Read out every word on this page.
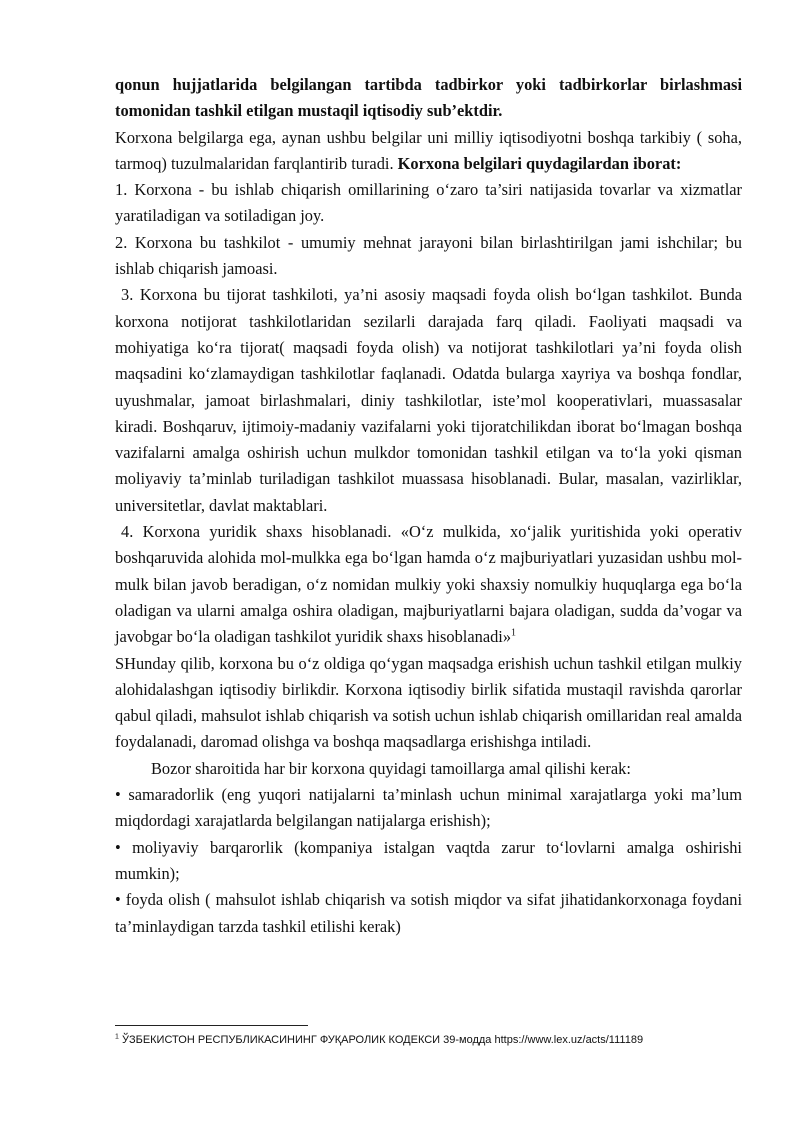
qonun hujjatlarida belgilangan tartibda tadbirkor yoki tadbirkorlar birlashmasi tomonidan tashkil etilgan mustaqil iqtisodiy sub’ektdir.

Korxona belgilarga ega, aynan ushbu belgilar uni milliy iqtisodiyotni boshqa tarkibiy ( soha, tarmoq) tuzulmalaridan farqlantirib turadi. Korxona belgilari quydagilardan iborat:

1. Korxona - bu ishlab chiqarish omillarining o‘zaro ta’siri natijasida tovarlar va xizmatlar yaratiladigan va sotiladigan joy.

2. Korxona bu tashkilot - umumiy mehnat jarayoni bilan birlashtirilgan jami ishchilar; bu ishlab chiqarish jamoasi.

3. Korxona bu tijorat tashkiloti, ya’ni asosiy maqsadi foyda olish bo‘lgan tashkilot. Bunda korxona notijorat tashkilotlaridan sezilarli darajada farq qiladi. Faoliyati maqsadi va mohiyatiga ko‘ra tijorat( maqsadi foyda olish) va notijorat tashkilotlari ya’ni foyda olish maqsadini ko‘zlamaydigan tashkilotlar faqlanadi. Odatda bularga xayriya va boshqa fondlar, uyushmalar, jamoat birlashmalari, diniy tashkilotlar, iste’mol kooperativlari, muassasalar kiradi. Boshqaruv, ijtimoiy-madaniy vazifalarni yoki tijoratchilikdan iborat bo‘lmagan boshqa vazifalarni amalga oshirish uchun mulkdor tomonidan tashkil etilgan va to‘la yoki qisman moliyaviy ta’minlab turiladigan tashkilot muassasa hisoblanadi. Bular, masalan, vazirliklar, universitetlar, davlat maktablari.

4. Korxona yuridik shaxs hisoblanadi. «O‘z mulkida, xo‘jalik yuritishida yoki operativ boshqaruvida alohida mol-mulkka ega bo‘lgan hamda o‘z majburiyatlari yuzasidan ushbu mol-mulk bilan javob beradigan, o‘z nomidan mulkiy yoki shaxsiy nomulkiy huquqlarga ega bo‘la oladigan va ularni amalga oshira oladigan, majburiyatlarni bajara oladigan, sudda da’vogar va javobgar bo‘la oladigan tashkilot yuridik shaxs hisoblanadi»$^1$

SHunday qilib, korxona bu o‘z oldiga qo‘ygan maqsadga erishish uchun tashkil etilgan mulkiy alohidalashgan iqtisodiy birlikdir. Korxona iqtisodiy birlik sifatida mustaqil ravishda qarorlar qabul qiladi, mahsulot ishlab chiqarish va sotish uchun ishlab chiqarish omillaridan real amalda foydalanadi, daromad olishga va boshqa maqsadlarga erishishga intiladi.

Bozor sharoitida har bir korxona quyidagi tamoillarga amal qilishi kerak:

• samaradorlik (eng yuqori natijalarni ta’minlash uchun minimal xarajatlarga yoki ma’lum miqdordagi xarajatlarda belgilangan natijalarga erishish);

• moliyaviy barqarorlik (kompaniya istalgan vaqtda zarur to‘lovlarni amalga oshirishi mumkin);

• foyda olish ( mahsulot ishlab chiqarish va sotish miqdor va sifat jihatidankorxonaga foydani ta’minlaydigan tarzda tashkil etilishi kerak)

$^1$ ЎЗБЕКИСТОН РЕСПУБЛИКАСИНИНГ ФУҚАРОЛИК КОДЕКСИ 39-модда https://www.lex.uz/acts/111189
